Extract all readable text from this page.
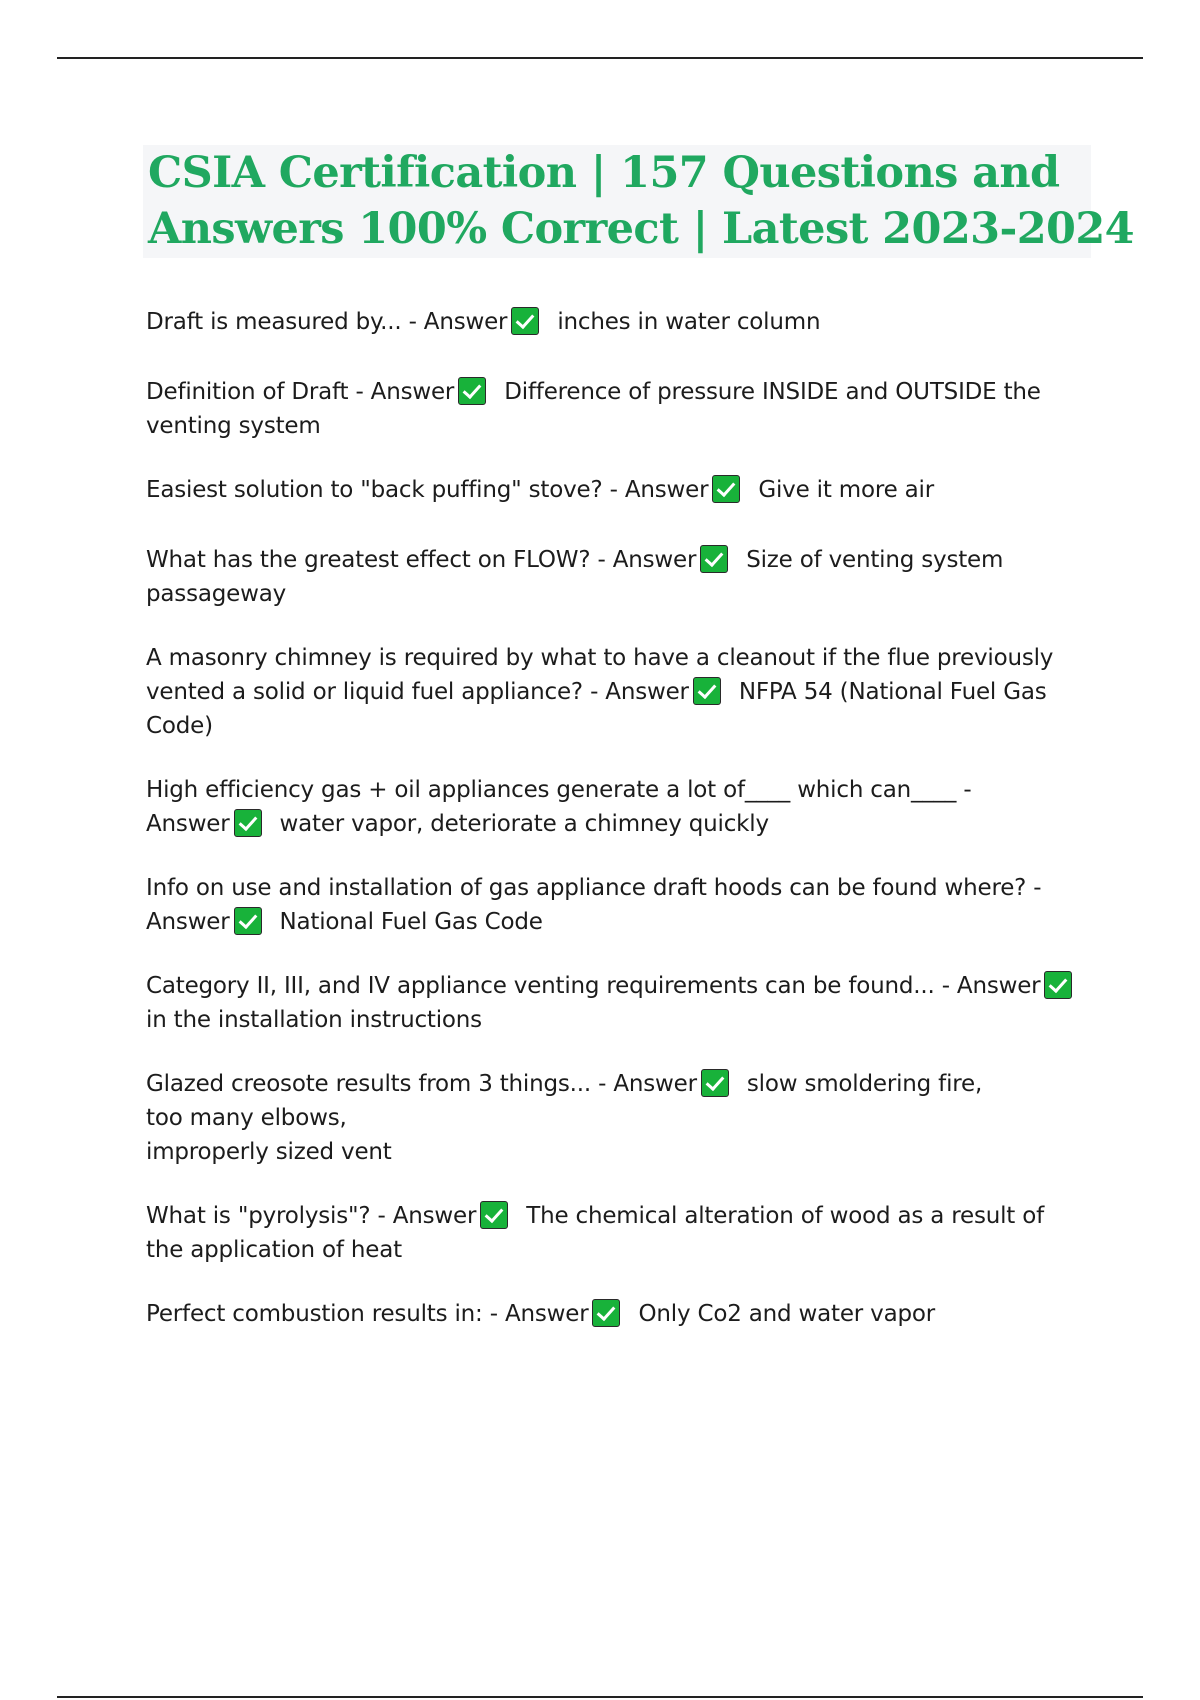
CSIA Certification | 157 Questions and
Answers 100% Correct | Latest 2023-2024
Draft is measured by... - Answer inches in water column
Definition of Draft - Answer Difference of pressure INSIDE and OUTSIDE the
venting system
Easiest solution to "back puffing" stove? - Answer Give it more air
What has the greatest effect on FLOW? - Answer Size of venting system
passageway
A masonry chimney is required by what to have a cleanout if the flue previously
vented a solid or liquid fuel appliance? - Answer NFPA 54 (National Fuel Gas
Code)
High efficiency gas + oil appliances generate a lot of____ which can____ -
Answer water vapor, deteriorate a chimney quickly
Info on use and installation of gas appliance draft hoods can be found where? -
Answer National Fuel Gas Code
Category II, III, and IV appliance venting requirements can be found... - Answer
in the installation instructions
Glazed creosote results from 3 things... - Answer slow smoldering fire,
too many elbows,
improperly sized vent
What is "pyrolysis"? - Answer The chemical alteration of wood as a result of
the application of heat
Perfect combustion results in: - Answer Only Co2 and water vapor
